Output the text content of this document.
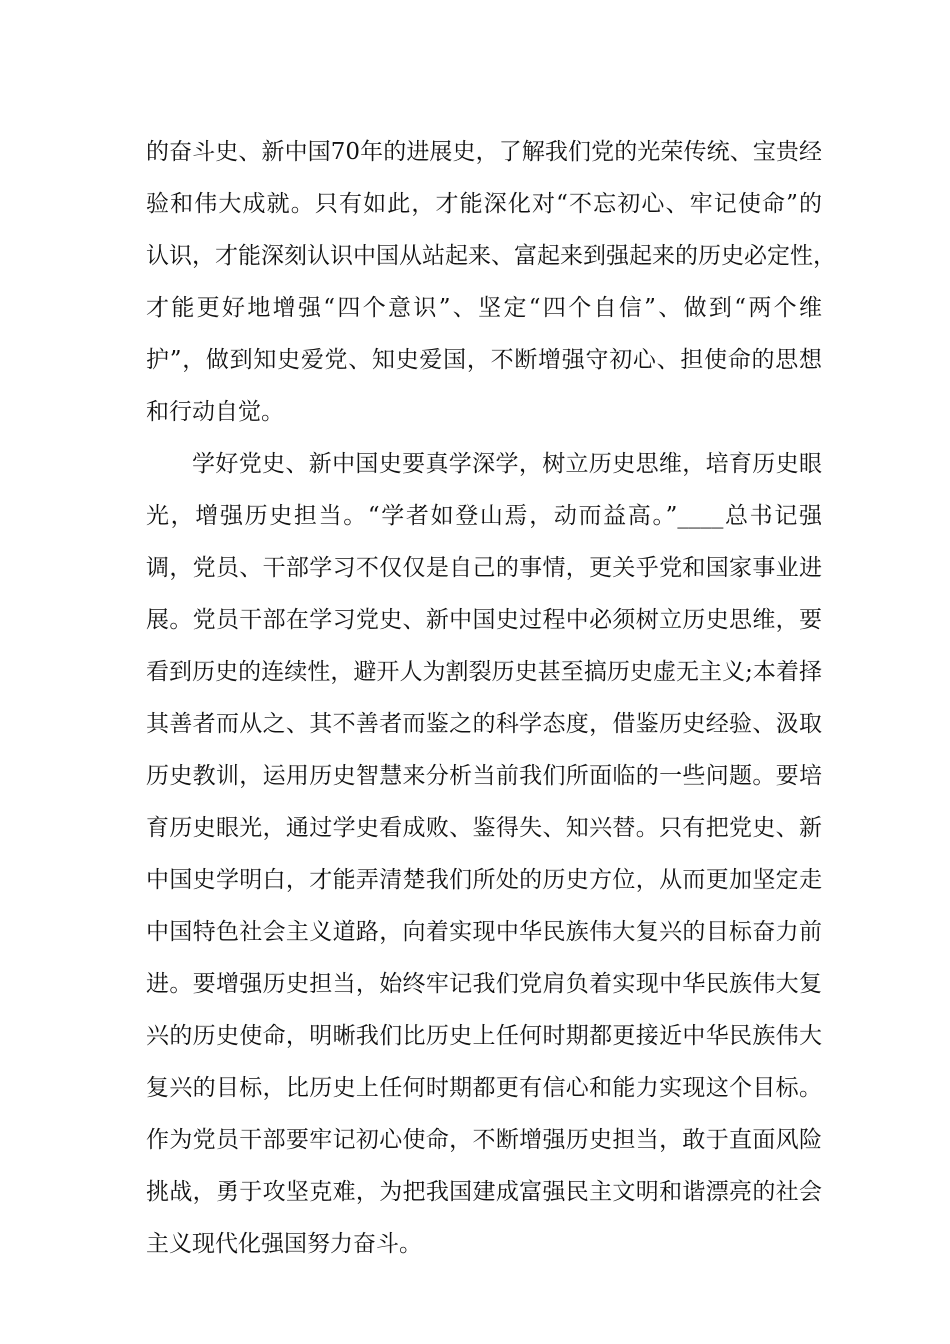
的奋斗史、新中国70年的进展史，了解我们党的光荣传统、宝贵经
验和伟大成就。只有如此，才能深化对“不忘初心、牢记使命”的
认识，才能深刻认识中国从站起来、富起来到强起来的历史必定性，
才能更好地增强“四个意识”、坚定“四个自信”、做到“两个维
护”，做到知史爱党、知史爱国，不断增强守初心、担使命的思想
和行动自觉。
学好党史、新中国史要真学深学，树立历史思维，培育历史眼
光，增强历史担当。“学者如登山焉，动而益高。”____总书记强
调，党员、干部学习不仅仅是自己的事情，更关乎党和国家事业进
展。党员干部在学习党史、新中国史过程中必须树立历史思维，要
看到历史的连续性，避开人为割裂历史甚至搞历史虚无主义;本着择
其善者而从之、其不善者而鉴之的科学态度，借鉴历史经验、汲取
历史教训，运用历史智慧来分析当前我们所面临的一些问题。要培
育历史眼光，通过学史看成败、鉴得失、知兴替。只有把党史、新
中国史学明白，才能弄清楚我们所处的历史方位，从而更加坚定走
中国特色社会主义道路，向着实现中华民族伟大复兴的目标奋力前
进。要增强历史担当，始终牢记我们党肩负着实现中华民族伟大复
兴的历史使命，明晰我们比历史上任何时期都更接近中华民族伟大
复兴的目标，比历史上任何时期都更有信心和能力实现这个目标。
作为党员干部要牢记初心使命，不断增强历史担当，敢于直面风险
挑战，勇于攻坚克难，为把我国建成富强民主文明和谐漂亮的社会
主义现代化强国努力奋斗。
